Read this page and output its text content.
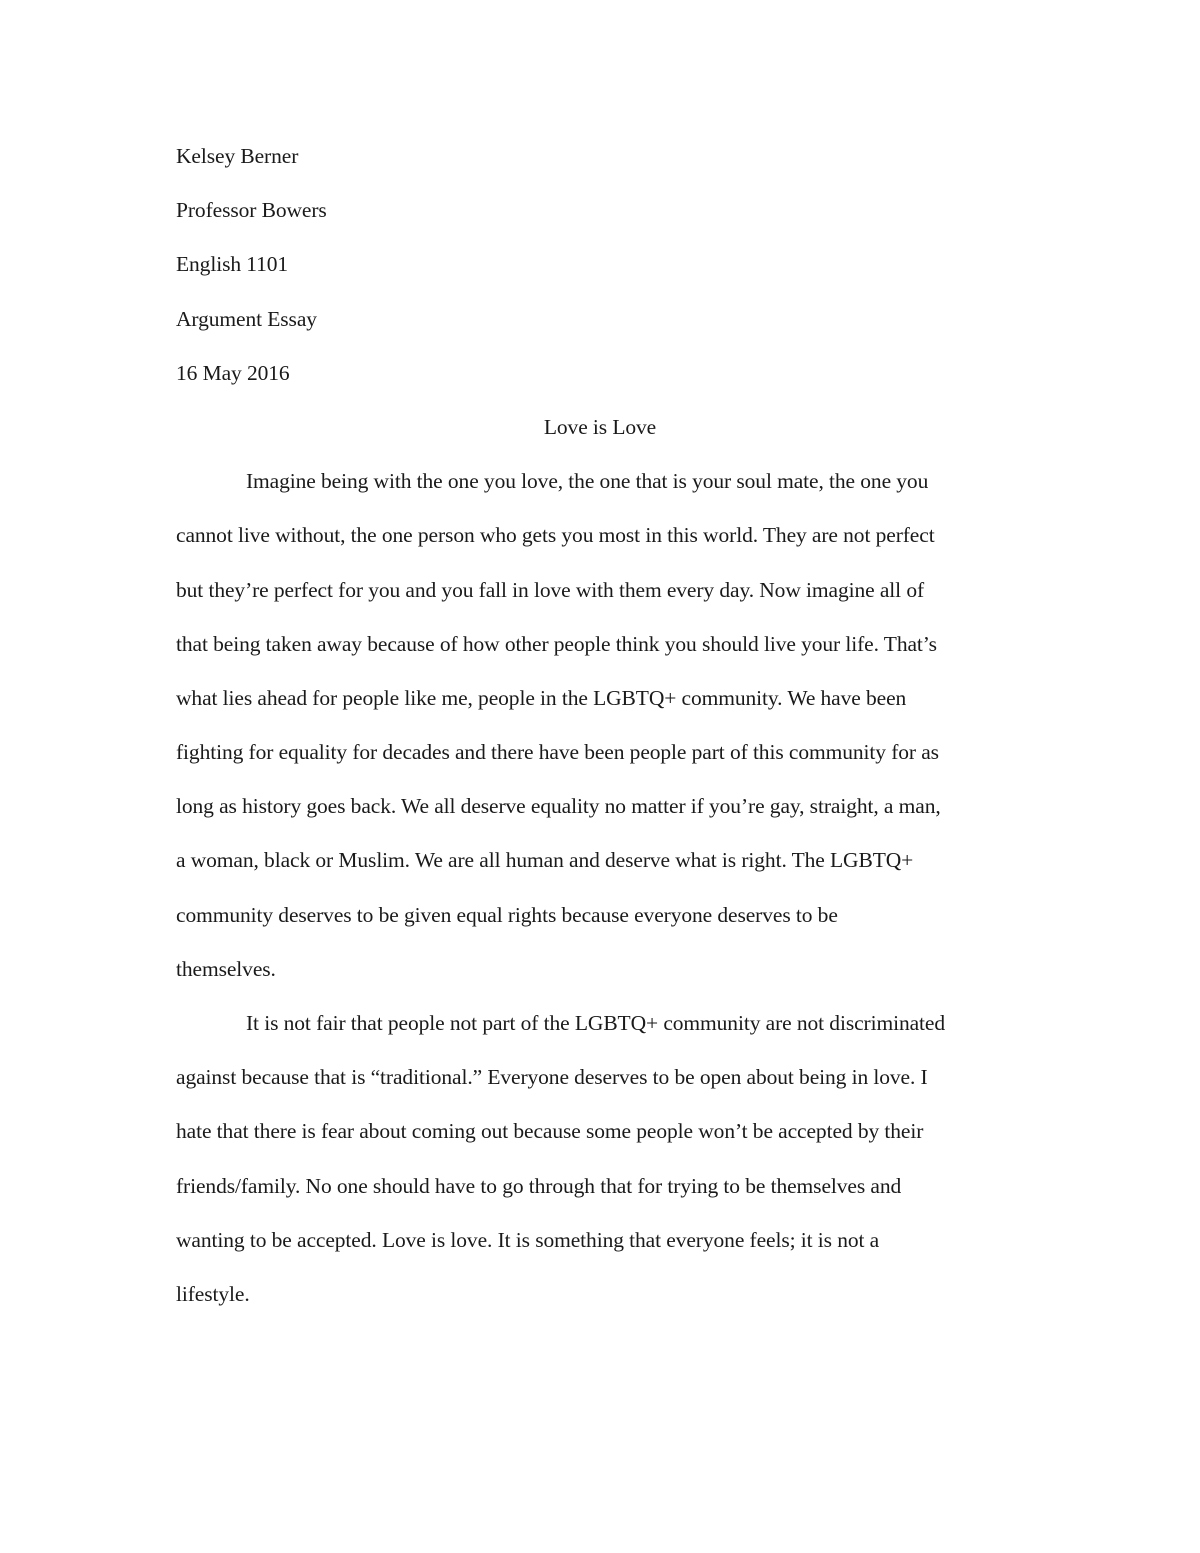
Kelsey Berner
Professor Bowers
English 1101
Argument Essay
16 May 2016
Love is Love
Imagine being with the one you love, the one that is your soul mate, the one you
cannot live without, the one person who gets you most in this world. They are not perfect
but they’re perfect for you and you fall in love with them every day. Now imagine all of
that being taken away because of how other people think you should live your life. That’s
what lies ahead for people like me, people in the LGBTQ+ community. We have been
fighting for equality for decades and there have been people part of this community for as
long as history goes back. We all deserve equality no matter if you’re gay, straight, a man,
a woman, black or Muslim. We are all human and deserve what is right. The LGBTQ+
community deserves to be given equal rights because everyone deserves to be
themselves.
It is not fair that people not part of the LGBTQ+ community are not discriminated
against because that is “traditional.” Everyone deserves to be open about being in love. I
hate that there is fear about coming out because some people won’t be accepted by their
friends/family. No one should have to go through that for trying to be themselves and
wanting to be accepted. Love is love. It is something that everyone feels; it is not a
lifestyle.
